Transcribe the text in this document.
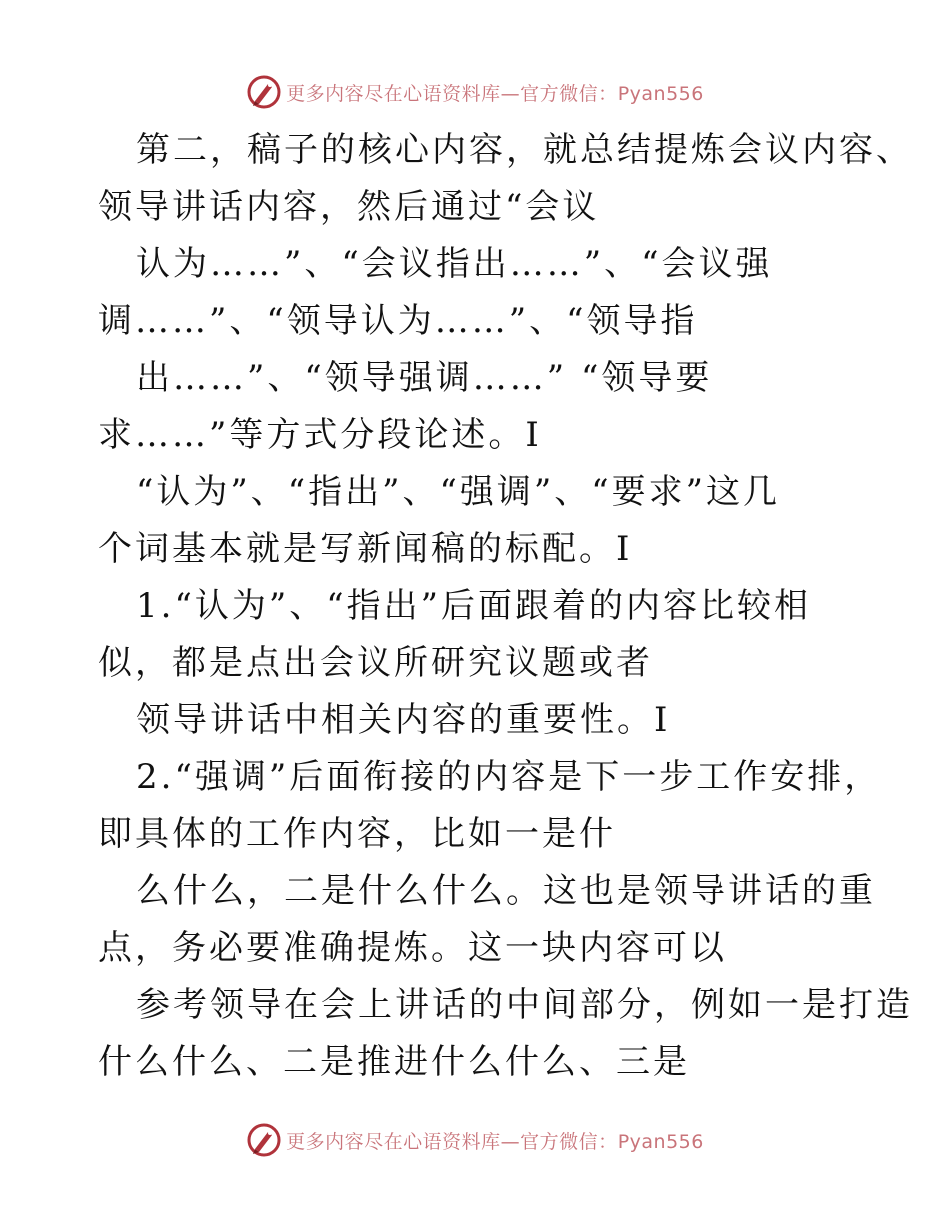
更多内容尽在心语资料库—官方微信：Pyan556
第二，稿子的核心内容，就总结提炼会议内容、
领导讲话内容，然后通过“会议
认为……”、“会议指出……”、“会议强
调……”、“领导认为……”、“领导指
出……”、“领导强调……” “领导要
求……”等方式分段论述。I
“认为”、“指出”、“强调”、“要求”这几
个词基本就是写新闻稿的标配。I
1.“认为”、“指出”后面跟着的内容比较相
似，都是点出会议所研究议题或者
领导讲话中相关内容的重要性。I
2.“强调”后面衔接的内容是下一步工作安排，
即具体的工作内容，比如一是什
么什么，二是什么什么。这也是领导讲话的重
点，务必要准确提炼。这一块内容可以
参考领导在会上讲话的中间部分，例如一是打造
什么什么、二是推进什么什么、三是
更多内容尽在心语资料库—官方微信：Pyan556
